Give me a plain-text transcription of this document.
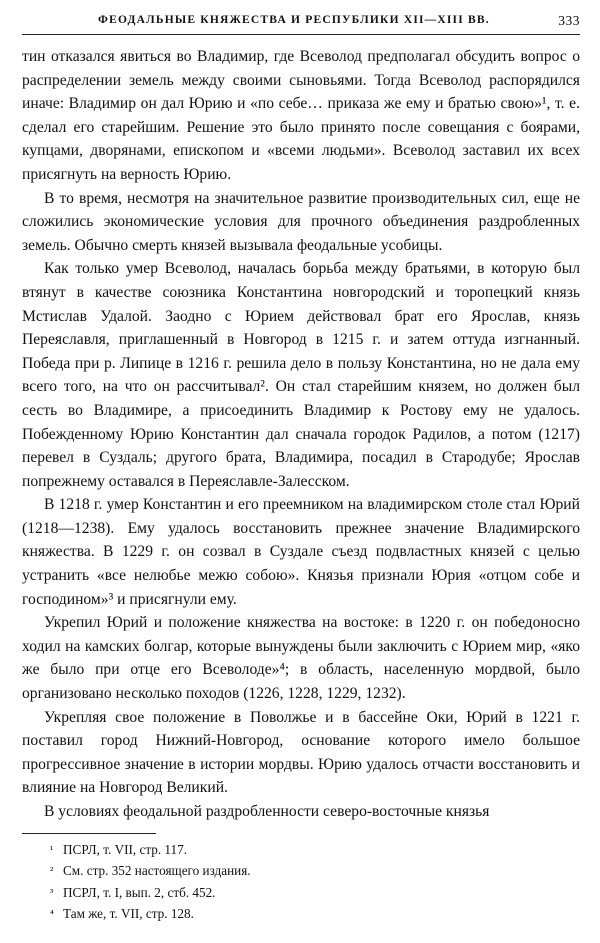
ФЕОДАЛЬНЫЕ КНЯЖЕСТВА И РЕСПУБЛИКИ XII—XIII ВВ.	333

тин отказался явиться во Владимир, где Всеволод предполагал обсудить вопрос о распределении земель между своими сыновьями. Тогда Всеволод распорядился иначе: Владимир он дал Юрию и «по себе… приказа же ему и братью свою»¹, т. е. сделал его старейшим. Решение это было принято после совещания с боярами, купцами, дворянами, епископом и «всеми людьми». Всеволод заставил их всех присягнуть на верность Юрию.

В то время, несмотря на значительное развитие производительных сил, еще не сложились экономические условия для прочного объединения раздробленных земель. Обычно смерть князей вызывала феодальные усобицы.

Как только умер Всеволод, началась борьба между братьями, в которую был втянут в качестве союзника Константина новгородский и торопецкий князь Мстислав Удалой. Заодно с Юрием действовал брат его Ярослав, князь Переяславля, приглашенный в Новгород в 1215 г. и затем оттуда изгнанный. Победа при р. Липице в 1216 г. решила дело в пользу Константина, но не дала ему всего того, на что он рассчитывал². Он стал старейшим князем, но должен был сесть во Владимире, а присоединить Владимир к Ростову ему не удалось. Побежденному Юрию Константин дал сначала городок Радилов, а потом (1217) перевел в Суздаль; другого брата, Владимира, посадил в Стародубе; Ярослав попрежнему оставался в Переяславле-Залесском.

В 1218 г. умер Константин и его преемником на владимирском столе стал Юрий (1218—1238). Ему удалось восстановить прежнее значение Владимирского княжества. В 1229 г. он созвал в Суздале съезд подвластных князей с целью устранить «все нелюбье межю собою». Князья признали Юрия «отцом собе и господином»³ и присягнули ему.

Укрепил Юрий и положение княжества на востоке: в 1220 г. он победоносно ходил на камских болгар, которые вынуждены были заключить с Юрием мир, «яко же было при отце его Всеволоде»⁴; в область, населенную мордвой, было организовано несколько походов (1226, 1228, 1229, 1232).

Укрепляя свое положение в Поволжье и в бассейне Оки, Юрий в 1221 г. поставил город Нижний-Новгород, основание которого имело большое прогрессивное значение в истории мордвы. Юрию удалось отчасти восстановить и влияние на Новгород Великий.

В условиях феодальной раздробленности северо-восточные князья

¹ ПСРЛ, т. VII, стр. 117.

² См. стр. 352 настоящего издания.

³ ПСРЛ, т. I, вып. 2, стб. 452.

⁴ Там же, т. VII, стр. 128.
